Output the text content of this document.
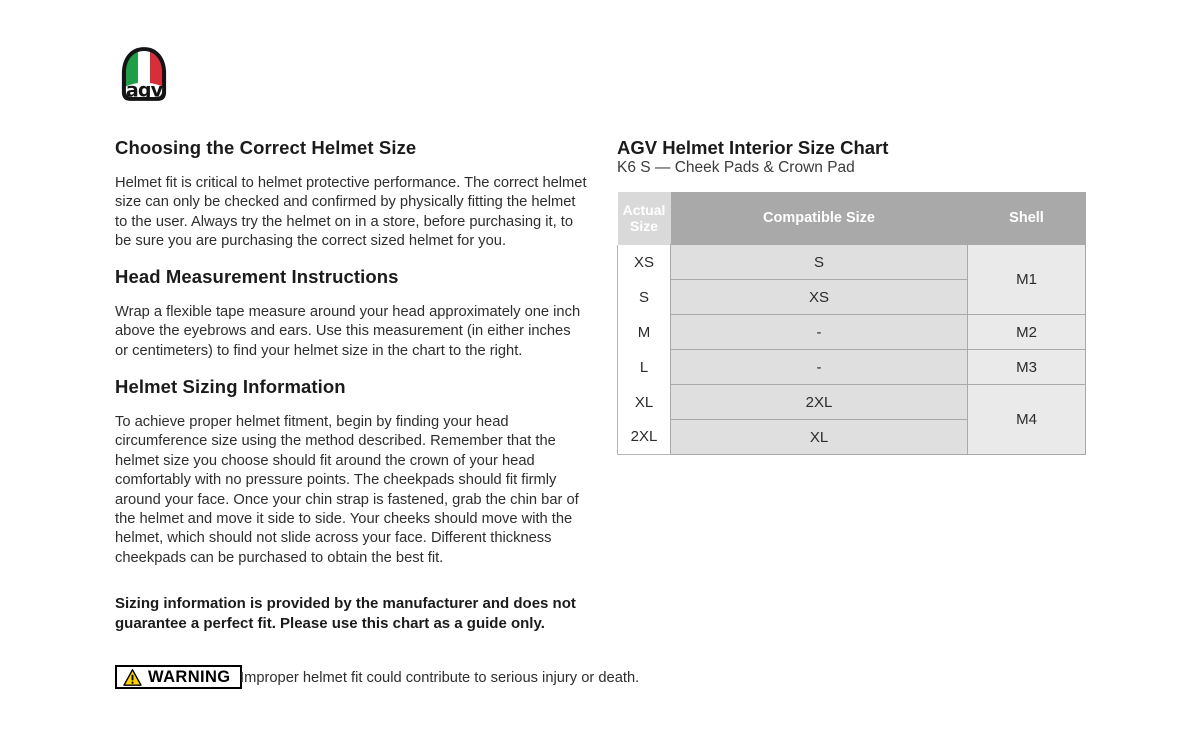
agv
Choosing the Correct Helmet Size
Helmet fit is critical to helmet protective performance. The correct helmet size can only be checked and confirmed by physically fitting the helmet to the user. Always try the helmet on in a store, before purchasing it, to be sure you are purchasing the correct sized helmet for you.
Head Measurement Instructions
Wrap a flexible tape measure around your head approximately one inch above the eyebrows and ears. Use this measurement (in either inches or centimeters) to find your helmet size in the chart to the right.
Helmet Sizing Information
To achieve proper helmet fitment, begin by finding your head circumference size using the method described. Remember that the helmet size you choose should fit around the crown of your head comfortably with no pressure points. The cheekpads should fit firmly around your face. Once your chin strap is fastened, grab the chin bar of the helmet and move it side to side. Your cheeks should move with the helmet, which should not slide across your face. Different thickness cheekpads can be purchased to obtain the best fit.
Sizing information is provided by the manufacturer and does not guarantee a perfect fit. Please use this chart as a guide only.
WARNING Improper helmet fit could contribute to serious injury or death.
AGV Helmet Interior Size Chart
K6 S — Cheek Pads & Crown Pad
Actual Size	Compatible Size	Shell
XS	S	M1
S	XS	
M	-	M2
L	-	M3
XL	2XL	M4
2XL	XL	
